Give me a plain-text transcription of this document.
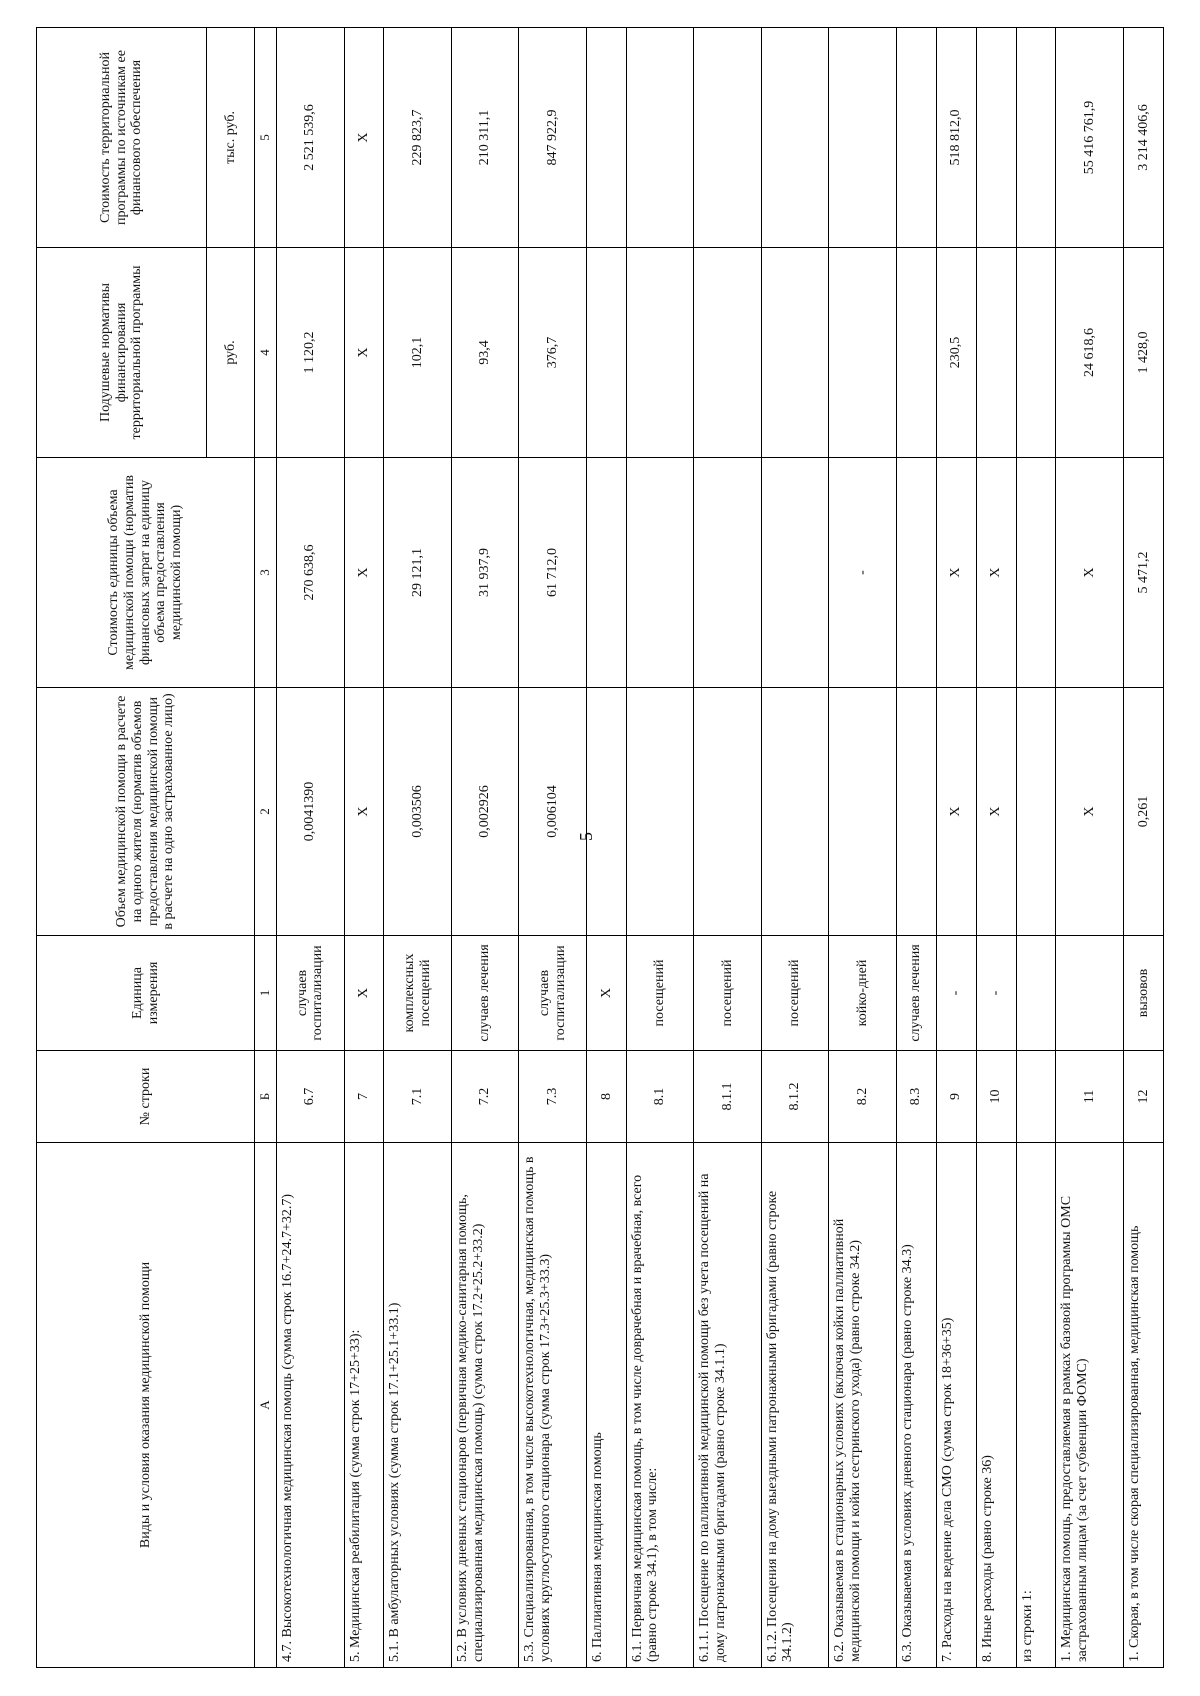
5
Виды и условия оказания медицинской помощи	№ строки	Единица измерения	Объем медицинской помощи в расчете на одного жителя (норматив объемов предоставления медицинской помощи в расчете на одно застрахованное лицо)	Стоимость единицы объема медицинской помощи (норматив финансовых затрат на единицу объема предоставления медицинской помощи)	Подушевые нормативы финансирования территориальной программы	Стоимость территориальной программы по источникам ее финансового обеспечения
					руб.	тыс. руб.
А	Б	1	2	3	4	5
4.7. Высокотехнологичная медицинская помощь (сумма строк 16.7+24.7+32.7)	6.7	случаев госпитализации	0,0041390	270 638,6	1 120,2	2 521 539,6
5. Медицинская реабилитация (сумма строк 17+25+33):	7	Х	Х	Х	Х	Х
5.1. В амбулаторных условиях (сумма строк 17.1+25.1+33.1)	7.1	комплексных посещений	0,003506	29 121,1	102,1	229 823,7
5.2. В условиях дневных стационаров (первичная медико-санитарная помощь, специализированная медицинская помощь) (сумма строк 17.2+25.2+33.2)	7.2	случаев лечения	0,002926	31 937,9	93,4	210 311,1
5.3. Специализированная, в том числе высокотехнологичная, медицинская помощь в условиях круглосуточного стационара (сумма строк 17.3+25.3+33.3)	7.3	случаев госпитализации	0,006104	61 712,0	376,7	847 922,9
6. Паллиативная медицинская помощь	8	Х				
6.1. Первичная медицинская помощь, в том числе доврачебная и врачебная, всего (равно строке 34.1), в том числе:	8.1	посещений				
6.1.1. Посещение по паллиативной медицинской помощи без учета посещений на дому патронажными бригадами (равно строке 34.1.1)	8.1.1	посещений				
6.1.2. Посещения на дому выездными патронажными бригадами (равно строке 34.1.2)	8.1.2	посещений				
6.2. Оказываемая в стационарных условиях (включая койки паллиативной медицинской помощи и койки сестринского ухода) (равно строке 34.2)	8.2	койко-дней		-		
6.3. Оказываемая в условиях дневного стационара (равно строке 34.3)	8.3	случаев лечения				
7. Расходы на ведение дела СМО (сумма строк 18+36+35)	9	-	Х	Х	230,5	518 812,0
8. Иные расходы (равно строке 36)	10	-	Х	Х		
из строки 1:						
1. Медицинская помощь, предоставляемая в рамках базовой программы ОМС застрахованным лицам (за счет субвенции ФОМС)	11		Х	Х	24 618,6	55 416 761,9
1. Скорая, в том числе скорая специализированная, медицинская помощь	12	вызовов	0,261	5 471,2	1 428,0	3 214 406,6
